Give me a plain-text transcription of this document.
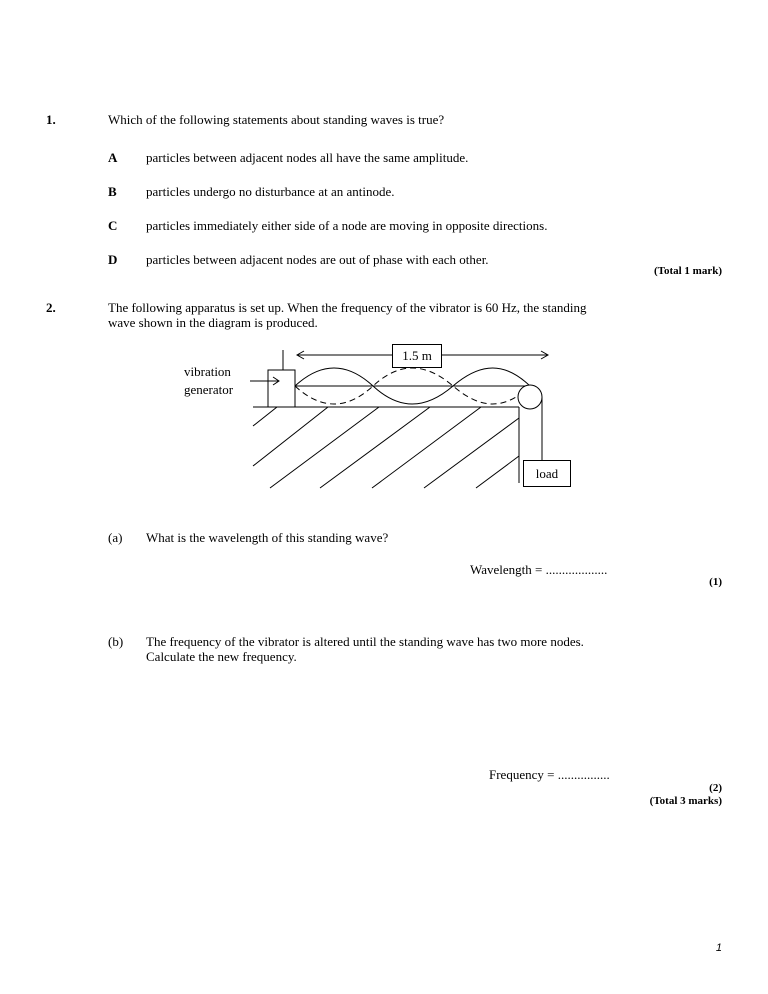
1.	Which of the following statements about standing waves is true?
A particles between adjacent nodes all have the same amplitude.
B particles undergo no disturbance at an antinode.
C particles immediately either side of a node are moving in opposite directions.
D particles between adjacent nodes are out of phase with each other.
(Total 1 mark)
2.	The following apparatus is set up. When the frequency of the vibrator is 60 Hz, the standing
wave shown in the diagram is produced.
1.5 m
load
vibration
generator
(a) What is the wavelength of this standing wave?
Wavelength = ...................
(1)
(b) The frequency of the vibrator is altered until the standing wave has two more nodes.
Calculate the new frequency.
Frequency = ................
(2)
(Total 3 marks)
1
